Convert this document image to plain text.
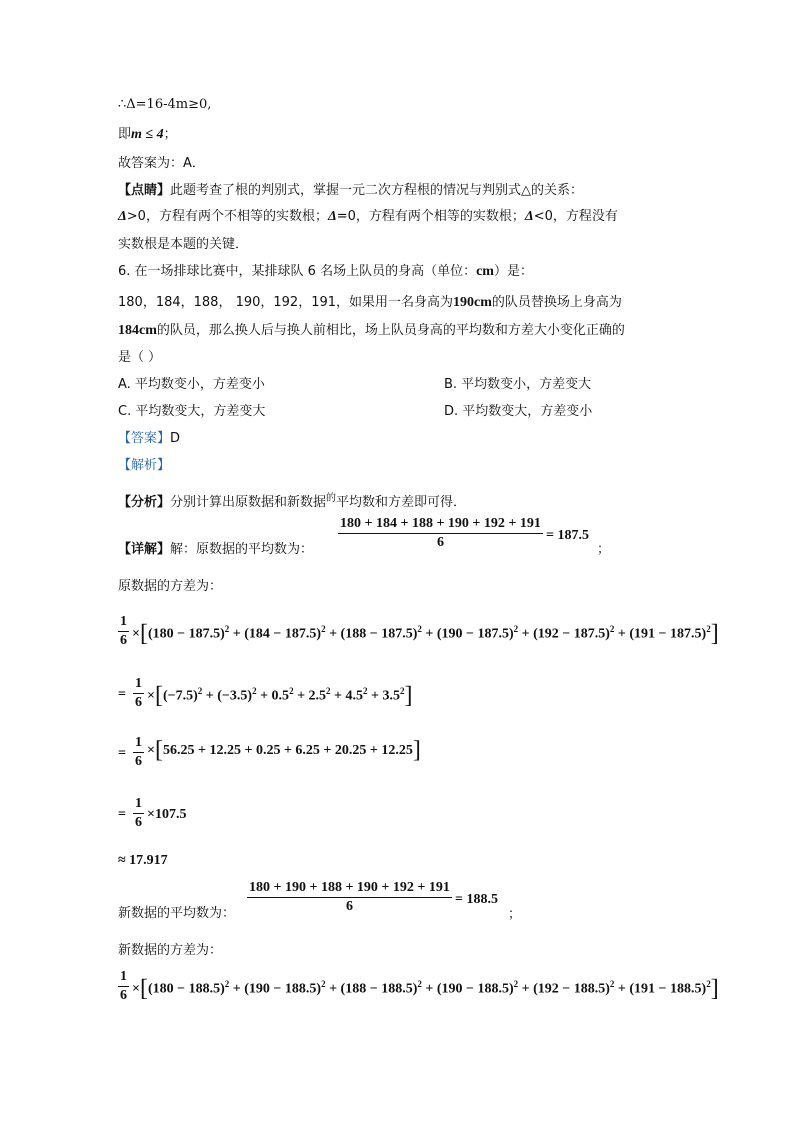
∴Δ=16-4m≥0,
即m ≤ 4；
故答案为：A．
【点睛】此题考查了根的判别式，掌握一元二次方程根的情况与判别式△的关系：
Δ>0，方程有两个不相等的实数根；Δ=0，方程有两个相等的实数根；Δ<0，方程没有
实数根是本题的关键．
6. 在一场排球比赛中，某排球队 6 名场上队员的身高（单位：cm）是：
180，184，188， 190，192，191，如果用一名身高为190cm的队员替换场上身高为
184cm的队员，那么换人后与换人前相比，场上队员身高的平均数和方差大小变化正确的
是（ ）
A. 平均数变小，方差变小	B. 平均数变小，方差变大
C. 平均数变大，方差变大	D. 平均数变大，方差变小
【答案】D
【解析】
【分析】分别计算出原数据和新数据$^的$平均数和方差即可得．
【详解】解：原数据的平均数为： $\frac{180 + 184 + 188 + 190 + 192 + 191}{6} = 187.5$
；
原数据的方差为：
$\frac{1}{6} \times[(180 - 187.5)^2 + (184 - 187.5)^2 + (188 - 187.5)^2 + (190 - 187.5)^2 + (192 - 187.5)^2 + (191 - 187.5)^2]$
= $\frac{1}{6} \times[(-7.5)^2 + (-3.5)^2 + 0.5^2 + 2.5^2 + 4.5^2 + 3.5^2]$
= $\frac{1}{6} \times[56.25 + 12.25 + 0.25 + 6.25 + 20.25 + 12.25]$
= $\frac{1}{6} \times 107.5$
≈ 17.917
新数据的平均数为： $\frac{180 + 190 + 188 + 190 + 192 + 191}{6} = 188.5$
；
新数据的方差为：
$\frac{1}{6} \times[(180 - 188.5)^2 + (190 - 188.5)^2 + (188 - 188.5)^2 + (190 - 188.5)^2 + (192 - 188.5)^2 + (191 - 188.5)^2]$
